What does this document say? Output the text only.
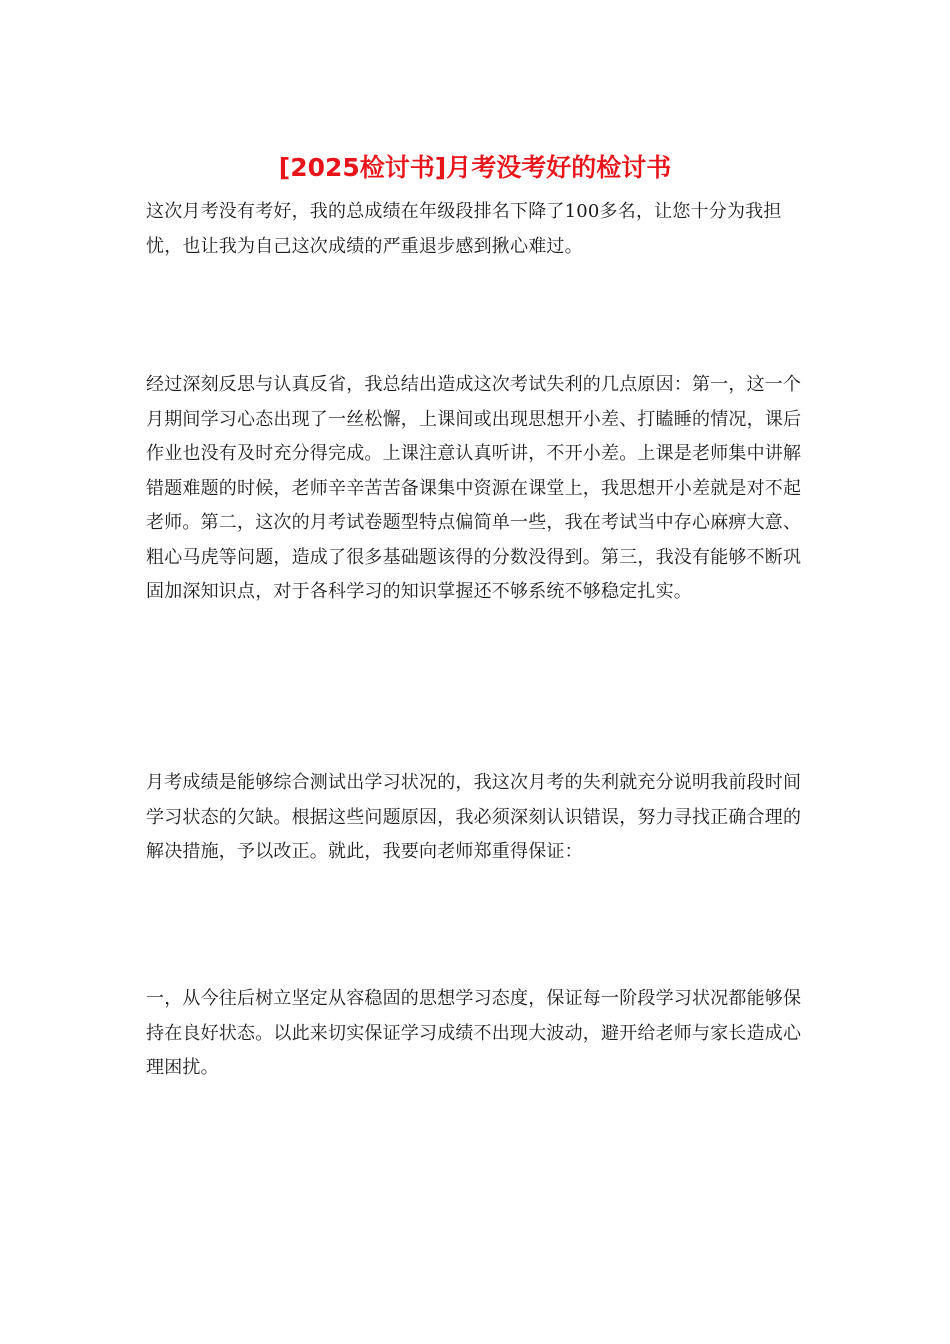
[2025检讨书]月考没考好的检讨书

这次月考没有考好，我的总成绩在年级段排名下降了100多名，让您十分为我担忧，也让我为自己这次成绩的严重退步感到揪心难过。

经过深刻反思与认真反省，我总结出造成这次考试失利的几点原因：第一，这一个月期间学习心态出现了一丝松懈，上课间或出现思想开小差、打瞌睡的情况，课后作业也没有及时充分得完成。上课注意认真听讲，不开小差。上课是老师集中讲解错题难题的时候，老师辛辛苦苦备课集中资源在课堂上，我思想开小差就是对不起老师。第二，这次的月考试卷题型特点偏简单一些，我在考试当中存心麻痹大意、粗心马虎等问题，造成了很多基础题该得的分数没得到。第三，我没有能够不断巩固加深知识点，对于各科学习的知识掌握还不够系统不够稳定扎实。

月考成绩是能够综合测试出学习状况的，我这次月考的失利就充分说明我前段时间学习状态的欠缺。根据这些问题原因，我必须深刻认识错误，努力寻找正确合理的解决措施，予以改正。就此，我要向老师郑重得保证：

一，从今往后树立坚定从容稳固的思想学习态度，保证每一阶段学习状况都能够保持在良好状态。以此来切实保证学习成绩不出现大波动，避开给老师与家长造成心理困扰。
